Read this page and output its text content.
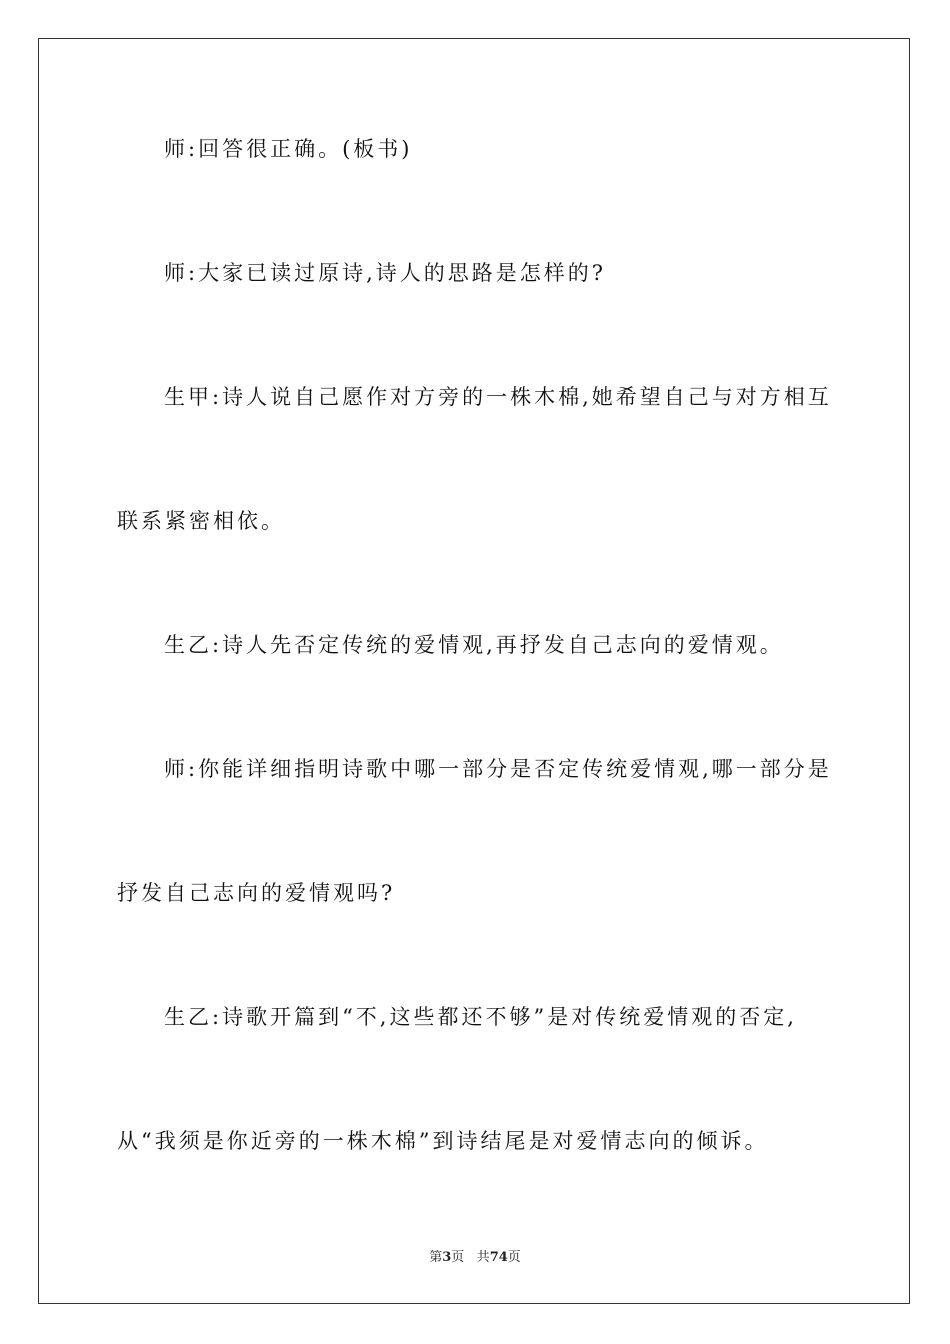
师:回答很正确。(板书)
师:大家已读过原诗,诗人的思路是怎样的?
生甲:诗人说自己愿作对方旁的一株木棉,她希望自己与对方相互
联系紧密相依。
生乙:诗人先否定传统的爱情观,再抒发自己志向的爱情观。
师:你能详细指明诗歌中哪一部分是否定传统爱情观,哪一部分是
抒发自己志向的爱情观吗?
生乙:诗歌开篇到“不,这些都还不够”是对传统爱情观的否定,
从“我须是你近旁的一株木棉”到诗结尾是对爱情志向的倾诉。
第3页 共74页
